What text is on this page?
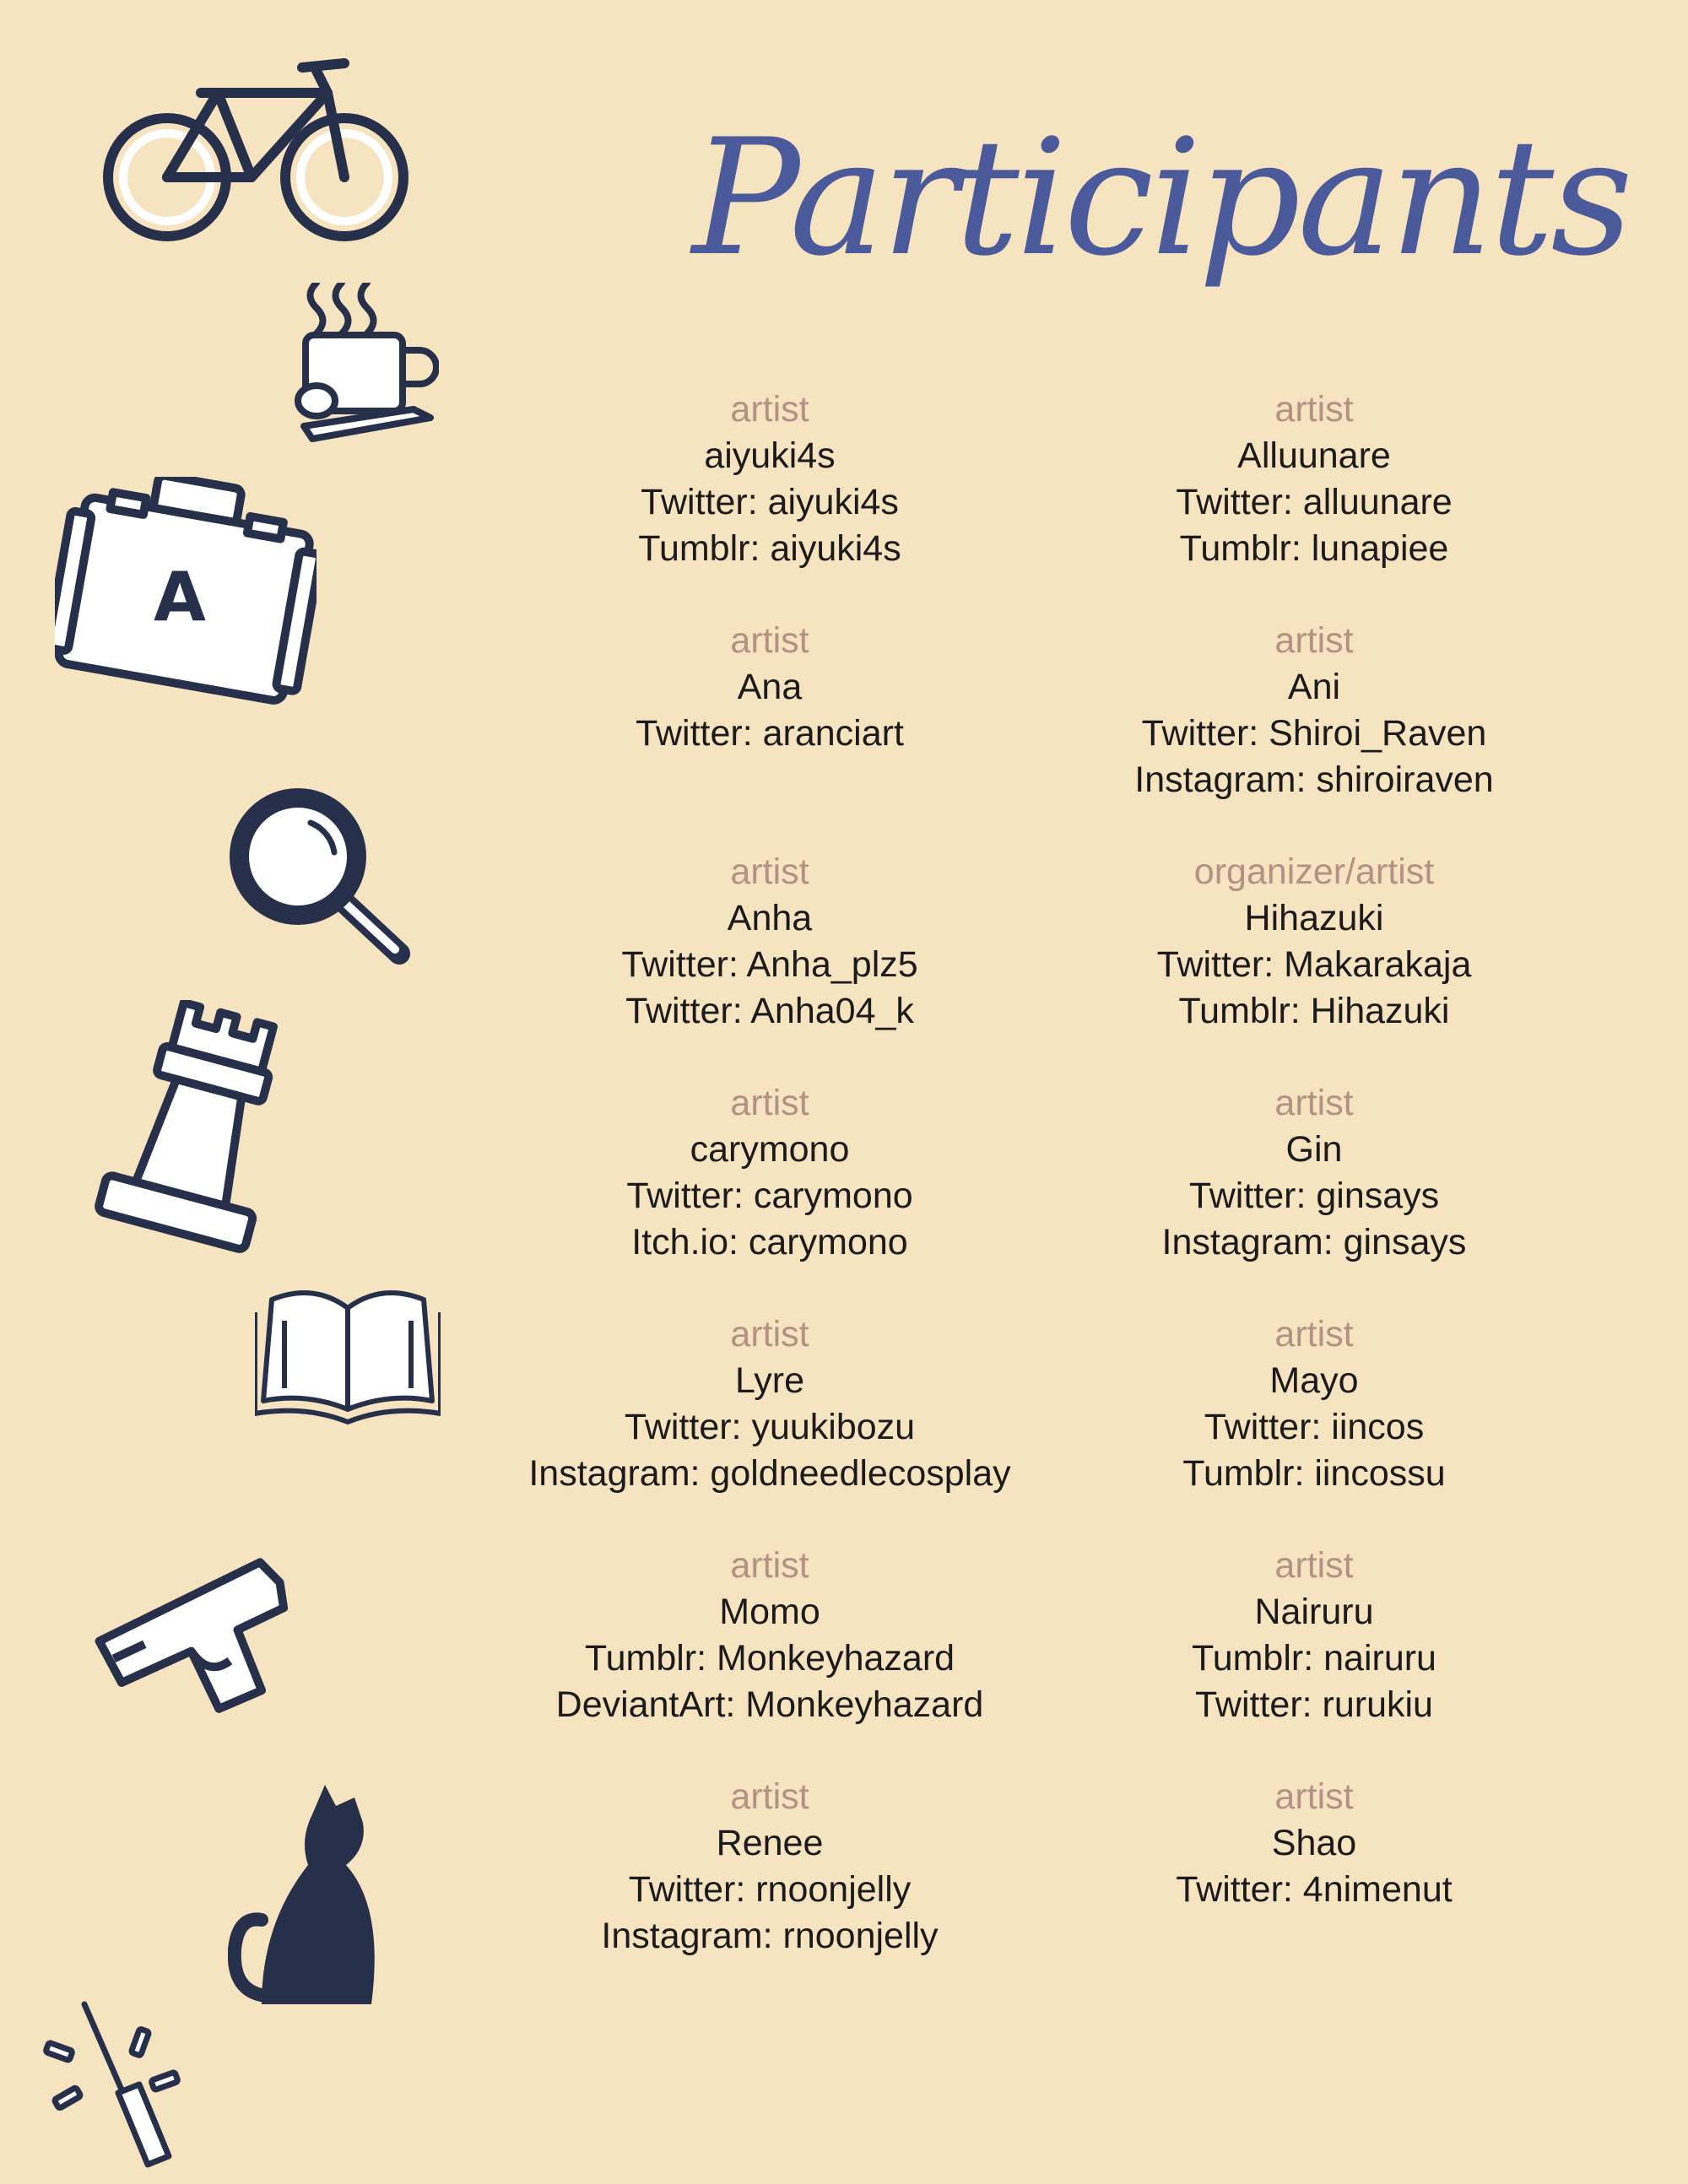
Participants
A
artist
aiyuki4s
Twitter: aiyuki4s
Tumblr: aiyuki4s
artist
Ana
Twitter: aranciart
artist
Anha
Twitter: Anha_plz5
Twitter: Anha04_k
artist
carymono
Twitter: carymono
Itch.io: carymono
artist
Lyre
Twitter: yuukibozu
Instagram: goldneedlecosplay
artist
Momo
Tumblr: Monkeyhazard
DeviantArt: Monkeyhazard
artist
Renee
Twitter: rnoonjelly
Instagram: rnoonjelly
artist
Alluunare
Twitter: alluunare
Tumblr: lunapiee
artist
Ani
Twitter: Shiroi_Raven
Instagram: shiroiraven
organizer/artist
Hihazuki
Twitter: Makarakaja
Tumblr: Hihazuki
artist
Gin
Twitter: ginsays
Instagram: ginsays
artist
Mayo
Twitter: iincos
Tumblr: iincossu
artist
Nairuru
Tumblr: nairuru
Twitter: rurukiu
artist
Shao
Twitter: 4nimenut
